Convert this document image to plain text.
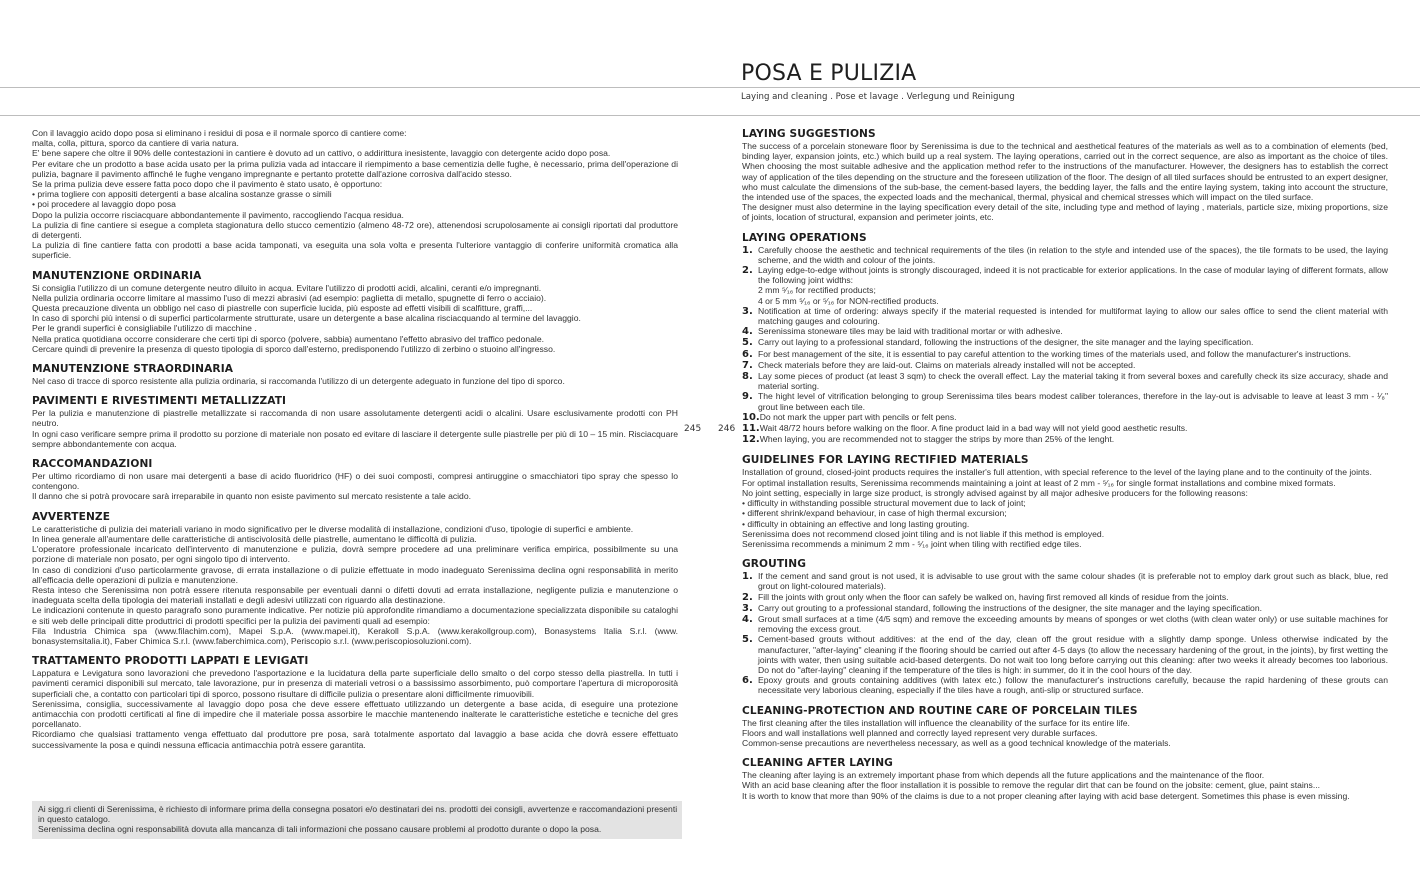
POSA E PULIZIA
Laying and cleaning . Pose et lavage . Verlegung und Reinigung
245 246

Con il lavaggio acido dopo posa si eliminano i residui di posa e il normale sporco di cantiere come:

malta, colla, pittura, sporco da cantiere di varia natura.

E' bene sapere che oltre il 90% delle contestazioni in cantiere è dovuto ad un cattivo, o addirittura inesistente, lavaggio con detergente acido dopo posa.

Per evitare che un prodotto a base acida usato per la prima pulizia vada ad intaccare il riempimento a base cementizia delle fughe, è necessario, prima dell'operazione di pulizia, bagnare il pavimento affinché le fughe vengano impregnante e pertanto protette dall'azione corrosiva dall'acido stesso.

Se la prima pulizia deve essere fatta poco dopo che il pavimento è stato usato, è opportuno:

• prima togliere con appositi detergenti a base alcalina sostanze grasse o simili

• poi procedere al lavaggio dopo posa

Dopo la pulizia occorre risciacquare abbondantemente il pavimento, raccogliendo l'acqua residua.

La pulizia di fine cantiere si esegue a completa stagionatura dello stucco cementizio (almeno 48-72 ore), attenendosi scrupolosamente ai consigli riportati dal produttore di detergenti.

La pulizia di fine cantiere fatta con prodotti a base acida tamponati, va eseguita una sola volta e presenta l'ulteriore vantaggio di conferire uniformità cromatica alla superficie.

MANUTENZIONE ORDINARIA

Si consiglia l'utilizzo di un comune detergente neutro diluito in acqua. Evitare l'utilizzo di prodotti acidi, alcalini, ceranti e/o impregnanti.

Nella pulizia ordinaria occorre limitare al massimo l'uso di mezzi abrasivi (ad esempio: paglietta di metallo, spugnette di ferro o acciaio).

Questa precauzione diventa un obbligo nel caso di piastrelle con superficie lucida, più esposte ad effetti visibili di scalfitture, graffi,...

In caso di sporchi più intensi o di superfici particolarmente strutturate, usare un detergente a base alcalina risciacquando al termine del lavaggio.

Per le grandi superfici è consigliabile l'utilizzo di macchine .

Nella pratica quotidiana occorre considerare che certi tipi di sporco (polvere, sabbia) aumentano l'effetto abrasivo del traffico pedonale.

Cercare quindi di prevenire la presenza di questo tipologia di sporco dall'esterno, predisponendo l'utilizzo di zerbino o stuoino all'ingresso.

MANUTENZIONE STRAORDINARIA

Nel caso di tracce di sporco resistente alla pulizia ordinaria, si raccomanda l'utilizzo di un detergente adeguato in funzione del tipo di sporco.

PAVIMENTI E RIVESTIMENTI METALLIZZATI

Per la pulizia e manutenzione di piastrelle metallizzate si raccomanda di non usare assolutamente detergenti acidi o alcalini. Usare esclusivamente prodotti con PH neutro.

In ogni caso verificare sempre prima il prodotto su porzione di materiale non posato ed evitare di lasciare il detergente sulle piastrelle per più di 10 – 15 min. Risciacquare sempre abbondantemente con acqua.

RACCOMANDAZIONI

Per ultimo ricordiamo di non usare mai detergenti a base di acido fluoridrico (HF) o dei suoi composti, compresi antiruggine o smacchiatori tipo spray che spesso lo contengono.

Il danno che si potrà provocare sarà irreparabile in quanto non esiste pavimento sul mercato resistente a tale acido.

AVVERTENZE

Le caratteristiche di pulizia dei materiali variano in modo significativo per le diverse modalità di installazione, condizioni d'uso, tipologie di superfici e ambiente.

In linea generale all'aumentare delle caratteristiche di antiscivolosità delle piastrelle, aumentano le difficoltà di pulizia.

L'operatore professionale incaricato dell'intervento di manutenzione e pulizia, dovrà sempre procedere ad una preliminare verifica empirica, possibilmente su una porzione di materiale non posato, per ogni singolo tipo di intervento.

In caso di condizioni d'uso particolarmente gravose, di errata installazione o di pulizie effettuate in modo inadeguato Serenissima declina ogni responsabilità in merito all'efficacia delle operazioni di pulizia e manutenzione.

Resta inteso che Serenissima non potrà essere ritenuta responsabile per eventuali danni o difetti dovuti ad errata installazione, negligente pulizia e manutenzione o inadeguata scelta della tipologia dei materiali installati e degli adesivi utilizzati con riguardo alla destinazione.

Le indicazioni contenute in questo paragrafo sono puramente indicative. Per notizie più approfondite rimandiamo a documentazione specializzata disponibile su cataloghi e siti web delle principali ditte produttrici di prodotti specifici per la pulizia dei pavimenti quali ad esempio:

Fila Industria Chimica spa (www.filachim.com), Mapei S.p.A. (www.mapei.it), Kerakoll S.p.A. (www.kerakollgroup.com), Bonasystems Italia S.r.l. (www. bonasystemsitalia.it), Faber Chimica S.r.l. (www.faberchimica.com), Periscopio s.r.l. (www.periscopiosoluzioni.com).

TRATTAMENTO PRODOTTI LAPPATI E LEVIGATI

Lappatura e Levigatura sono lavorazioni che prevedono l'asportazione e la lucidatura della parte superficiale dello smalto o del corpo stesso della piastrella. In tutti i pavimenti ceramici disponibili sul mercato, tale lavorazione, pur in presenza di materiali vetrosi o a bassissimo assorbimento, può comportare l'apertura di microporosità superficiali che, a contatto con particolari tipi di sporco, possono risultare di difficile pulizia o presentare aloni difficilmente rimuovibili.

Serenissima, consiglia, successivamente al lavaggio dopo posa che deve essere effettuato utilizzando un detergente a base acida, di eseguire una protezione antimacchia con prodotti certificati al fine di impedire che il materiale possa assorbire le macchie mantenendo inalterate le caratteristiche estetiche e tecniche del gres porcellanato.

Ricordiamo che qualsiasi trattamento venga effettuato dal produttore pre posa, sarà totalmente asportato dal lavaggio a base acida che dovrà essere effettuato successivamente la posa e quindi nessuna efficacia antimacchia potrà essere garantita.

Ai sigg.ri clienti di Serenissima, è richiesto di informare prima della consegna posatori e/o destinatari dei ns. prodotti dei consigli, avvertenze e raccomandazioni presenti in questo catalogo.

Serenissima declina ogni responsabilità dovuta alla mancanza di tali informazioni che possano causare problemi al prodotto durante o dopo la posa.

LAYING SUGGESTIONS

The success of a porcelain stoneware floor by Serenissima is due to the technical and aesthetical features of the materials as well as to a combination of elements (bed, binding layer, expansion joints, etc.) which build up a real system. The laying operations, carried out in the correct sequence, are also as important as the choice of tiles. When choosing the most suitable adhesive and the application method refer to the instructions of the manufacturer. However, the designers has to establish the correct way of application of the tiles depending on the structure and the foreseen utilization of the floor. The design of all tiled surfaces should be entrusted to an expert designer, who must calculate the dimensions of the sub-base, the cement-based layers, the bedding layer, the falls and the entire laying system, taking into account the structure, the intended use of the spaces, the expected loads and the mechanical, thermal, physical and chemical stresses which will impact on the tiled surface.

The designer must also determine in the laying specification every detail of the site, including type and method of laying , materials, particle size, mixing proportions, size of joints, location of structural, expansion and perimeter joints, etc.

LAYING OPERATIONS
1. Carefully choose the aesthetic and technical requirements of the tiles (in relation to the style and intended use of the spaces), the tile formats to be used, the laying scheme, and the width and colour of the joints.
2. Laying edge-to-edge without joints is strongly discouraged, indeed it is not practicable for exterior applications. In the case of modular laying of different formats, allow the following joint widths:
2 mm ⁵⁄₁₆ for rectified products;
4 or 5 mm ⁵⁄₁₆ or ⁵⁄₁₆ for NON-rectified products.
3. Notification at time of ordering: always specify if the material requested is intended for multiformat laying to allow our sales office to send the client material with matching gauges and colouring.
4. Serenissima stoneware tiles may be laid with traditional mortar or with adhesive.
5. Carry out laying to a professional standard, following the instructions of the designer, the site manager and the laying specification.
6. For best management of the site, it is essential to pay careful attention to the working times of the materials used, and follow the manufacturer's instructions.
7. Check materials before they are laid-out. Claims on materials already installed will not be accepted.
8. Lay some pieces of product (at least 3 sqm) to check the overall effect. Lay the material taking it from several boxes and carefully check its size accuracy, shade and material sorting.
9. The hight level of vitrification belonging to group Serenissima tiles bears modest caliber tolerances, therefore in the lay-out is advisable to leave at least 3 mm - ¹⁄₈" grout line between each tile.
10. Do not mark the upper part with pencils or felt pens.
11. Wait 48/72 hours before walking on the floor. A fine product laid in a bad way will not yield good aesthetic results.
12. When laying, you are recommended not to stagger the strips by more than 25% of the lenght.
GUIDELINES FOR LAYING RECTIFIED MATERIALS

Installation of ground, closed-joint products requires the installer's full attention, with special reference to the level of the laying plane and to the continuity of the joints.

For optimal installation results, Serenissima recommends maintaining a joint at least of 2 mm - ⁵⁄₁₆ for single format installations and combine mixed formats.

No joint setting, especially in large size product, is strongly advised against by all major adhesive producers for the following reasons:

• difficulty in withstanding possible structural movement due to lack of joint;

• different shrink/expand behaviour, in case of high thermal excursion;

• difficulty in obtaining an effective and long lasting grouting.

Serenissima does not recommend closed joint tiling and is not liable if this method is employed.

Serenissima recommends a minimum 2 mm - ⁵⁄₁₆ joint when tiling with rectified edge tiles.

GROUTING
1. If the cement and sand grout is not used, it is advisable to use grout with the same colour shades (it is preferable not to employ dark grout such as black, blue, red grout on light-coloured materials).
2. Fill the joints with grout only when the floor can safely be walked on, having first removed all kinds of residue from the joints.
3. Carry out grouting to a professional standard, following the instructions of the designer, the site manager and the laying specification.
4. Grout small surfaces at a time (4/5 sqm) and remove the exceeding amounts by means of sponges or wet cloths (with clean water only) or use suitable machines for removing the excess grout.
5. Cement-based grouts without additives: at the end of the day, clean off the grout residue with a slightly damp sponge. Unless otherwise indicated by the manufacturer, "after-laying" cleaning if the flooring should be carried out after 4-5 days (to allow the necessary hardening of the grout, in the joints), by first wetting the joints with water, then using suitable acid-based detergents. Do not wait too long before carrying out this cleaning: after two weeks it already becomes too laborious. Do not do "after-laying" cleaning if the temperature of the tiles is high: in summer, do it in the cool hours of the day.
6. Epoxy grouts and grouts containing additives (with latex etc.) follow the manufacturer's instructions carefully, because the rapid hardening of these grouts can necessitate very laborious cleaning, especially if the tiles have a rough, anti-slip or structured surface.
CLEANING-PROTECTION AND ROUTINE CARE OF PORCELAIN TILES

The first cleaning after the tiles installation will influence the cleanability of the surface for its entire life.

Floors and wall installations well planned and correctly layed represent very durable surfaces.

Common-sense precautions are nevertheless necessary, as well as a good technical knowledge of the materials.

CLEANING AFTER LAYING

The cleaning after laying is an extremely important phase from which depends all the future applications and the maintenance of the floor.

With an acid base cleaning after the floor installation it is possible to remove the regular dirt that can be found on the jobsite: cement, glue, paint stains...

It is worth to know that more than 90% of the claims is due to a not proper cleaning after laying with acid base detergent. Sometimes this phase is even missing.
